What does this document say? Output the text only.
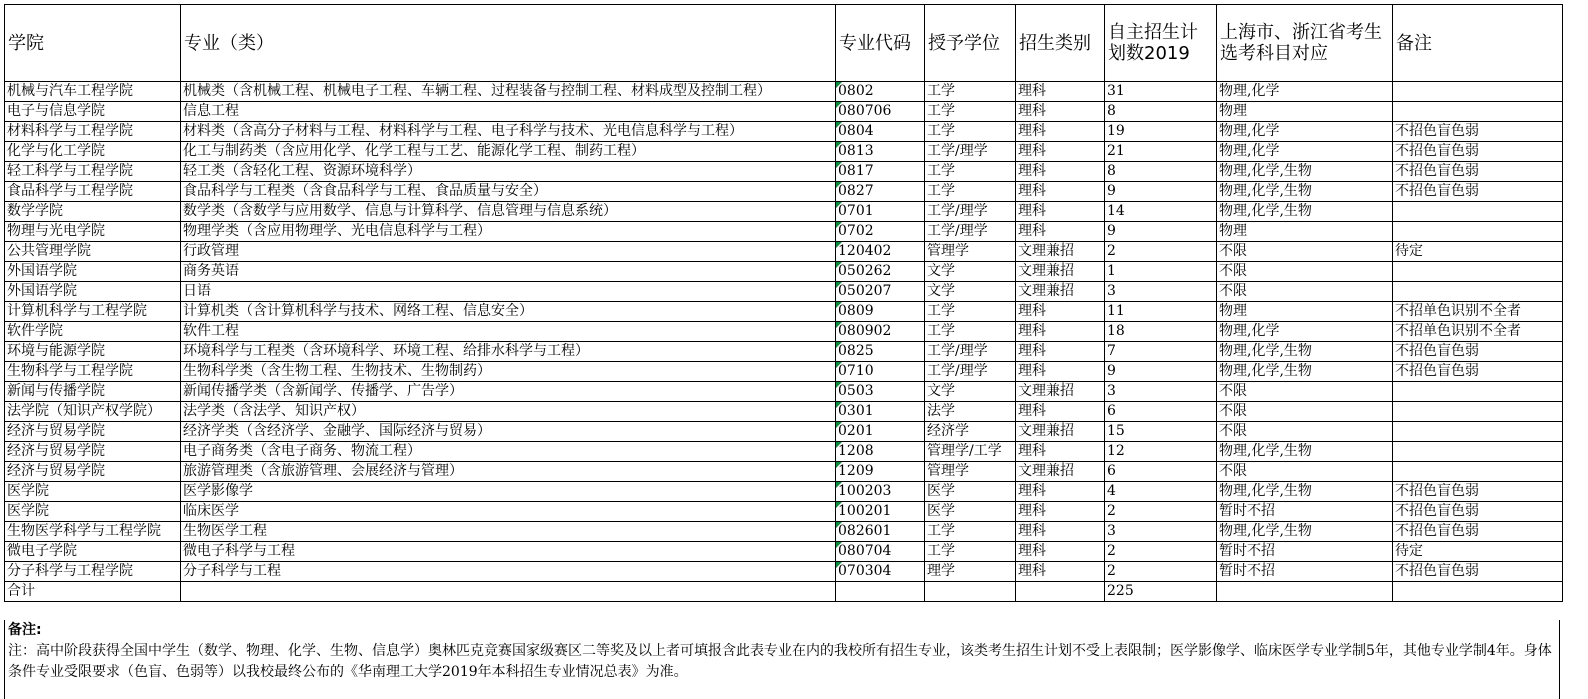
学院	专业（类）	专业代码	授予学位	招生类别	自主招生计划数2019	上海市、浙江省考生选考科目对应	备注
机械与汽车工程学院	机械类（含机械工程、机械电子工程、车辆工程、过程装备与控制工程、材料成型及控制工程）	0802	工学	理科	31	物理,化学	
电子与信息学院	信息工程	080706	工学	理科	8	物理	
材料科学与工程学院	材料类（含高分子材料与工程、材料科学与工程、电子科学与技术、光电信息科学与工程）	0804	工学	理科	19	物理,化学	不招色盲色弱
化学与化工学院	化工与制药类（含应用化学、化学工程与工艺、能源化学工程、制药工程）	0813	工学/理学	理科	21	物理,化学	不招色盲色弱
轻工科学与工程学院	轻工类（含轻化工程、资源环境科学）	0817	工学	理科	8	物理,化学,生物	不招色盲色弱
食品科学与工程学院	食品科学与工程类（含食品科学与工程、食品质量与安全）	0827	工学	理科	9	物理,化学,生物	不招色盲色弱
数学学院	数学类（含数学与应用数学、信息与计算科学、信息管理与信息系统）	0701	工学/理学	理科	14	物理,化学,生物	
物理与光电学院	物理学类（含应用物理学、光电信息科学与工程）	0702	工学/理学	理科	9	物理	
公共管理学院	行政管理	120402	管理学	文理兼招	2	不限	待定
外国语学院	商务英语	050262	文学	文理兼招	1	不限	
外国语学院	日语	050207	文学	文理兼招	3	不限	
计算机科学与工程学院	计算机类（含计算机科学与技术、网络工程、信息安全）	0809	工学	理科	11	物理	不招单色识别不全者
软件学院	软件工程	080902	工学	理科	18	物理,化学	不招单色识别不全者
环境与能源学院	环境科学与工程类（含环境科学、环境工程、给排水科学与工程）	0825	工学/理学	理科	7	物理,化学,生物	不招色盲色弱
生物科学与工程学院	生物科学类（含生物工程、生物技术、生物制药）	0710	工学/理学	理科	9	物理,化学,生物	不招色盲色弱
新闻与传播学院	新闻传播学类（含新闻学、传播学、广告学）	0503	文学	文理兼招	3	不限	
法学院（知识产权学院）	法学类（含法学、知识产权）	0301	法学	理科	6	不限	
经济与贸易学院	经济学类（含经济学、金融学、国际经济与贸易）	0201	经济学	文理兼招	15	不限	
经济与贸易学院	电子商务类（含电子商务、物流工程）	1208	管理学/工学	理科	12	物理,化学,生物	
经济与贸易学院	旅游管理类（含旅游管理、会展经济与管理）	1209	管理学	文理兼招	6	不限	
医学院	医学影像学	100203	医学	理科	4	物理,化学,生物	不招色盲色弱
医学院	临床医学	100201	医学	理科	2	暂时不招	不招色盲色弱
生物医学科学与工程学院	生物医学工程	082601	工学	理科	3	物理,化学,生物	不招色盲色弱
微电子学院	微电子科学与工程	080704	工学	理科	2	暂时不招	待定
分子科学与工程学院	分子科学与工程	070304	理学	理科	2	暂时不招	不招色盲色弱
合计					225		
备注:
注：高中阶段获得全国中学生（数学、物理、化学、生物、信息学）奥林匹克竞赛国家级赛区二等奖及以上者可填报含此表专业在内的我校所有招生专业，该类考生招生计划不受上表限制；医学影像学、临床医学专业学制5年，其他专业学制4年。身体条件专业受限要求（色盲、色弱等）以我校最终公布的《华南理工大学2019年本科招生专业情况总表》为准。
